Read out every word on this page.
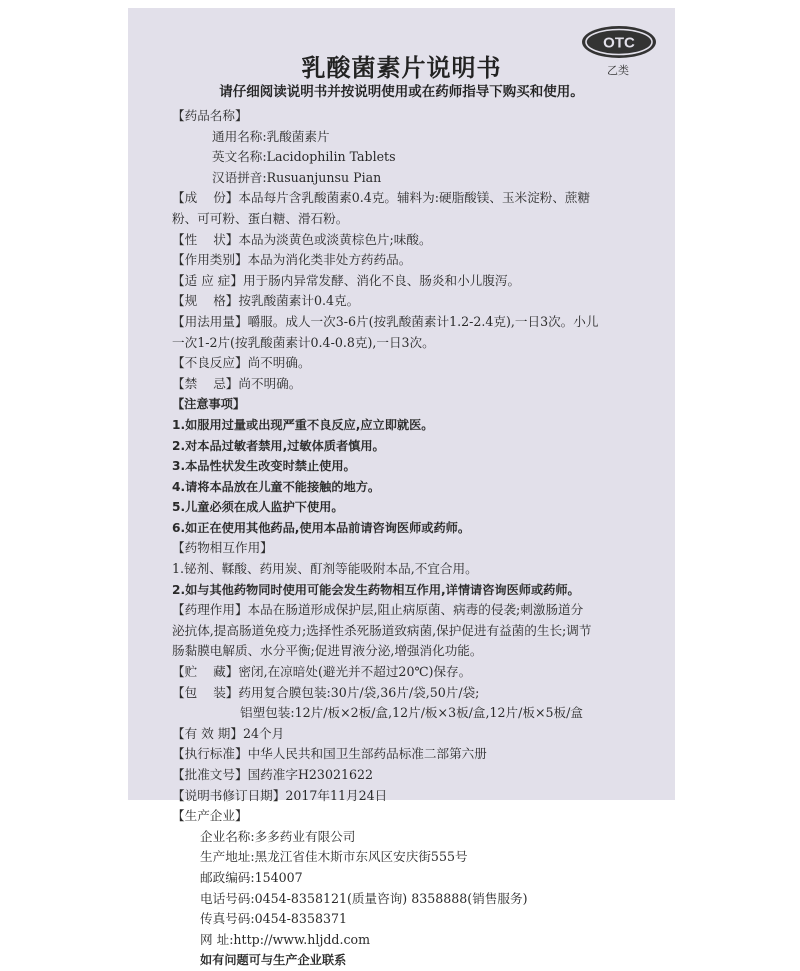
OTC
乙类
乳酸菌素片说明书
请仔细阅读说明书并按说明使用或在药师指导下购买和使用。
【药品名称】
通用名称:乳酸菌素片
英文名称:Lacidophilin Tablets
汉语拼音:Rusuanjunsu Pian
【成    份】本品每片含乳酸菌素0.4克。辅料为:硬脂酸镁、玉米淀粉、蔗糖
粉、可可粉、蛋白糖、滑石粉。
【性    状】本品为淡黄色或淡黄棕色片;味酸。
【作用类别】本品为消化类非处方药药品。
【适 应 症】用于肠内异常发酵、消化不良、肠炎和小儿腹泻。
【规    格】按乳酸菌素计0.4克。
【用法用量】嚼服。成人一次3-6片(按乳酸菌素计1.2-2.4克),一日3次。小儿
一次1-2片(按乳酸菌素计0.4-0.8克),一日3次。
【不良反应】尚不明确。
【禁    忌】尚不明确。
【注意事项】
1.如服用过量或出现严重不良反应,应立即就医。
2.对本品过敏者禁用,过敏体质者慎用。
3.本品性状发生改变时禁止使用。
4.请将本品放在儿童不能接触的地方。
5.儿童必须在成人监护下使用。
6.如正在使用其他药品,使用本品前请咨询医师或药师。
【药物相互作用】
1.铋剂、鞣酸、药用炭、酊剂等能吸附本品,不宜合用。
2.如与其他药物同时使用可能会发生药物相互作用,详情请咨询医师或药师。
【药理作用】本品在肠道形成保护层,阻止病原菌、病毒的侵袭;刺激肠道分
泌抗体,提高肠道免疫力;选择性杀死肠道致病菌,保护促进有益菌的生长;调节
肠黏膜电解质、水分平衡;促进胃液分泌,增强消化功能。
【贮    藏】密闭,在凉暗处(避光并不超过20℃)保存。
【包    装】药用复合膜包装:30片/袋,36片/袋,50片/袋;
铝塑包装:12片/板×2板/盒,12片/板×3板/盒,12片/板×5板/盒
【有 效 期】24个月
【执行标准】中华人民共和国卫生部药品标准二部第六册
【批准文号】国药准字H23021622
【说明书修订日期】2017年11月24日
【生产企业】
企业名称:多多药业有限公司
生产地址:黑龙江省佳木斯市东风区安庆街555号
邮政编码:154007
电话号码:0454-8358121(质量咨询) 8358888(销售服务)
传真号码:0454-8358371
网 址:http://www.hljdd.com
如有问题可与生产企业联系
